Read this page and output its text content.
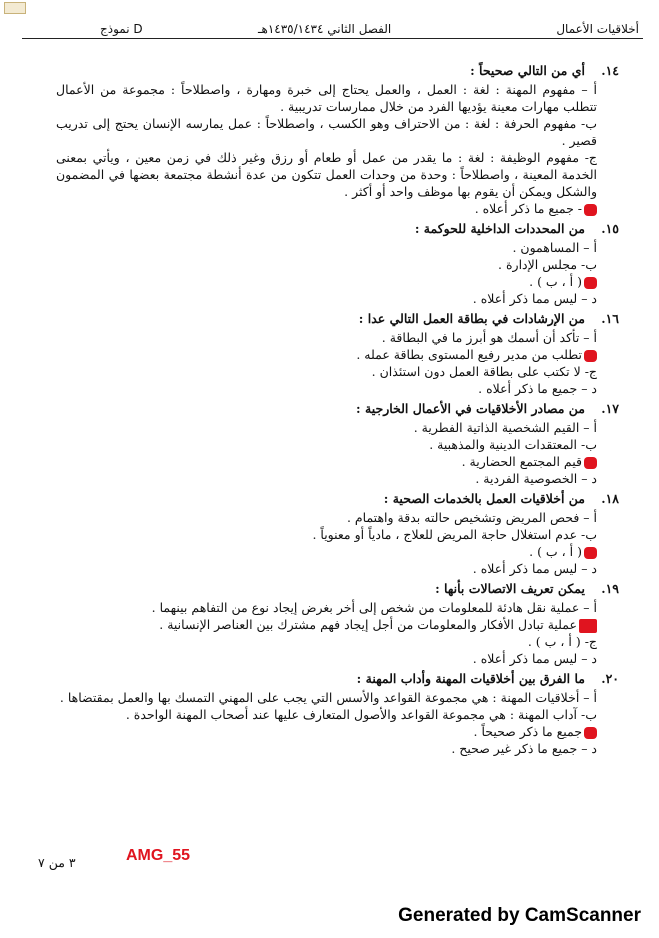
أخلاقيات الأعمال
الفصل الثاني ١٤٣٥/١٤٣٤هـ
نموذج D
١٤.أي من التالي صحيحاً :
أ – مفهوم المهنة : لغة : العمل ، والعمل يحتاج إلى خبرة ومهارة ، واصطلاحاً : مجموعة من الأعمال تتطلب مهارات معينة يؤديها الفرد من خلال ممارسات تدريبية .
ب- مفهوم الحرفة : لغة : من الاحتراف وهو الكسب ، واصطلاحاً : عمل يمارسه الإنسان يحتج إلى تدريب قصير .
ج- مفهوم الوظيفة : لغة : ما يقدر من عمل أو طعام أو رزق وغير ذلك في زمن معين ، ويأتي بمعنى الخدمة المعينة ، واصطلاحاً : وحدة من وحدات العمل تتكون من عدة أنشطة مجتمعة بعضها في المضمون والشكل ويمكن أن يقوم بها موظف واحد أو أكثر .
- جميع ما ذكر أعلاه .
١٥.من المحددات الداخلية للحوكمة :
أ – المساهمون .
ب- مجلس الإدارة .
( أ ، ب ) .
د – ليس مما ذكر أعلاه .
١٦.من الإرشادات في بطاقة العمل التالي عدا :
أ – تأكد أن أسمك هو أبرز ما في البطاقة .
تطلب من مدير رفيع المستوى بطاقة عمله .
ج- لا تكتب على بطاقة العمل دون استئذان .
د – جميع ما ذكر أعلاه .
١٧.من مصادر الأخلاقيات في الأعمال الخارجية :
أ – القيم الشخصية الذاتية الفطرية .
ب- المعتقدات الدينية والمذهبية .
قيم المجتمع الحضارية .
د – الخصوصية الفردية .
١٨.من أخلاقيات العمل بالخدمات الصحية :
أ – فحص المريض وتشخيص حالته بدقة واهتمام .
ب- عدم استغلال حاجة المريض للعلاج ، مادياً أو معنوياً .
( أ ، ب ) .
د – ليس مما ذكر أعلاه .
١٩.يمكن تعريف الاتصالات بأنها :
أ – عملية نقل هادئة للمعلومات من شخص إلى أخر بغرض إيجاد نوع من التفاهم بينهما .
عملية تبادل الأفكار والمعلومات من أجل إيجاد فهم مشترك بين العناصر الإنسانية .
ج- ( أ ، ب ) .
د – ليس مما ذكر أعلاه .
٢٠.ما الفرق بين أخلاقيات المهنة وأداب المهنة :
أ – أخلاقيات المهنة : هي مجموعة القواعد والأسس التي يجب على المهني التمسك بها والعمل بمقتضاها .
ب- آداب المهنة : هي مجموعة القواعد والأصول المتعارف عليها عند أصحاب المهنة الواحدة .
جميع ما ذكر صحيحاً .
د – جميع ما ذكر غير صحيح .
٣ من ٧	AMG_55
Generated by CamScanner
